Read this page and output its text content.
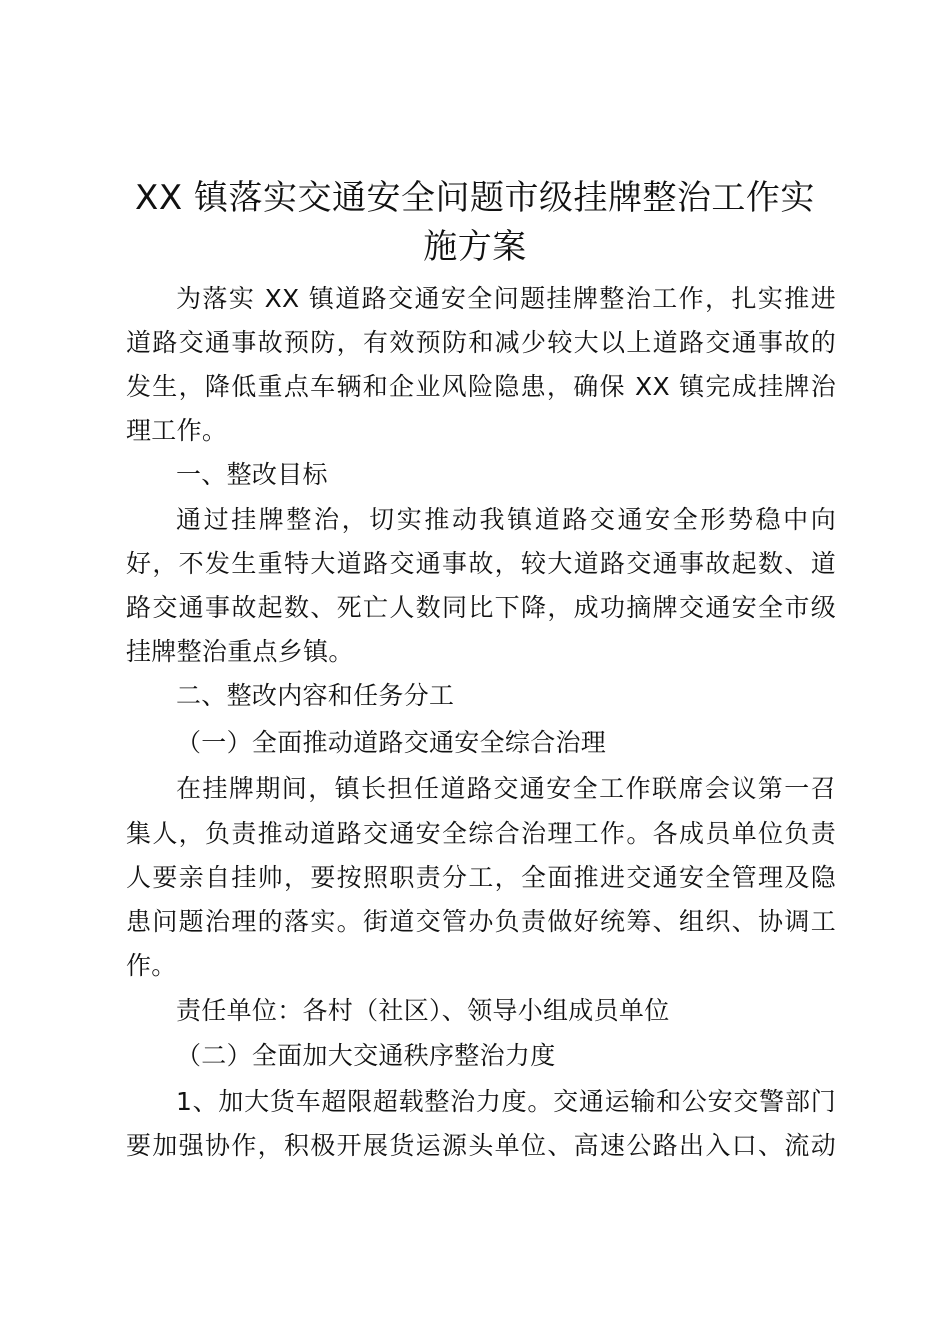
XX 镇落实交通安全问题市级挂牌整治工作实
施方案
为落实 XX 镇道路交通安全问题挂牌整治工作，扎实推进
道路交通事故预防，有效预防和减少较大以上道路交通事故的
发生，降低重点车辆和企业风险隐患，确保 XX 镇完成挂牌治
理工作。
一、整改目标
通过挂牌整治，切实推动我镇道路交通安全形势稳中向
好，不发生重特大道路交通事故，较大道路交通事故起数、道
路交通事故起数、死亡人数同比下降，成功摘牌交通安全市级
挂牌整治重点乡镇。
二、整改内容和任务分工
（一）全面推动道路交通安全综合治理
在挂牌期间，镇长担任道路交通安全工作联席会议第一召
集人，负责推动道路交通安全综合治理工作。各成员单位负责
人要亲自挂帅，要按照职责分工，全面推进交通安全管理及隐
患问题治理的落实。街道交管办负责做好统筹、组织、协调工
作。
责任单位：各村（社区）、领导小组成员单位
（二）全面加大交通秩序整治力度
1、加大货车超限超载整治力度。交通运输和公安交警部门
要加强协作，积极开展货运源头单位、高速公路出入口、流动
